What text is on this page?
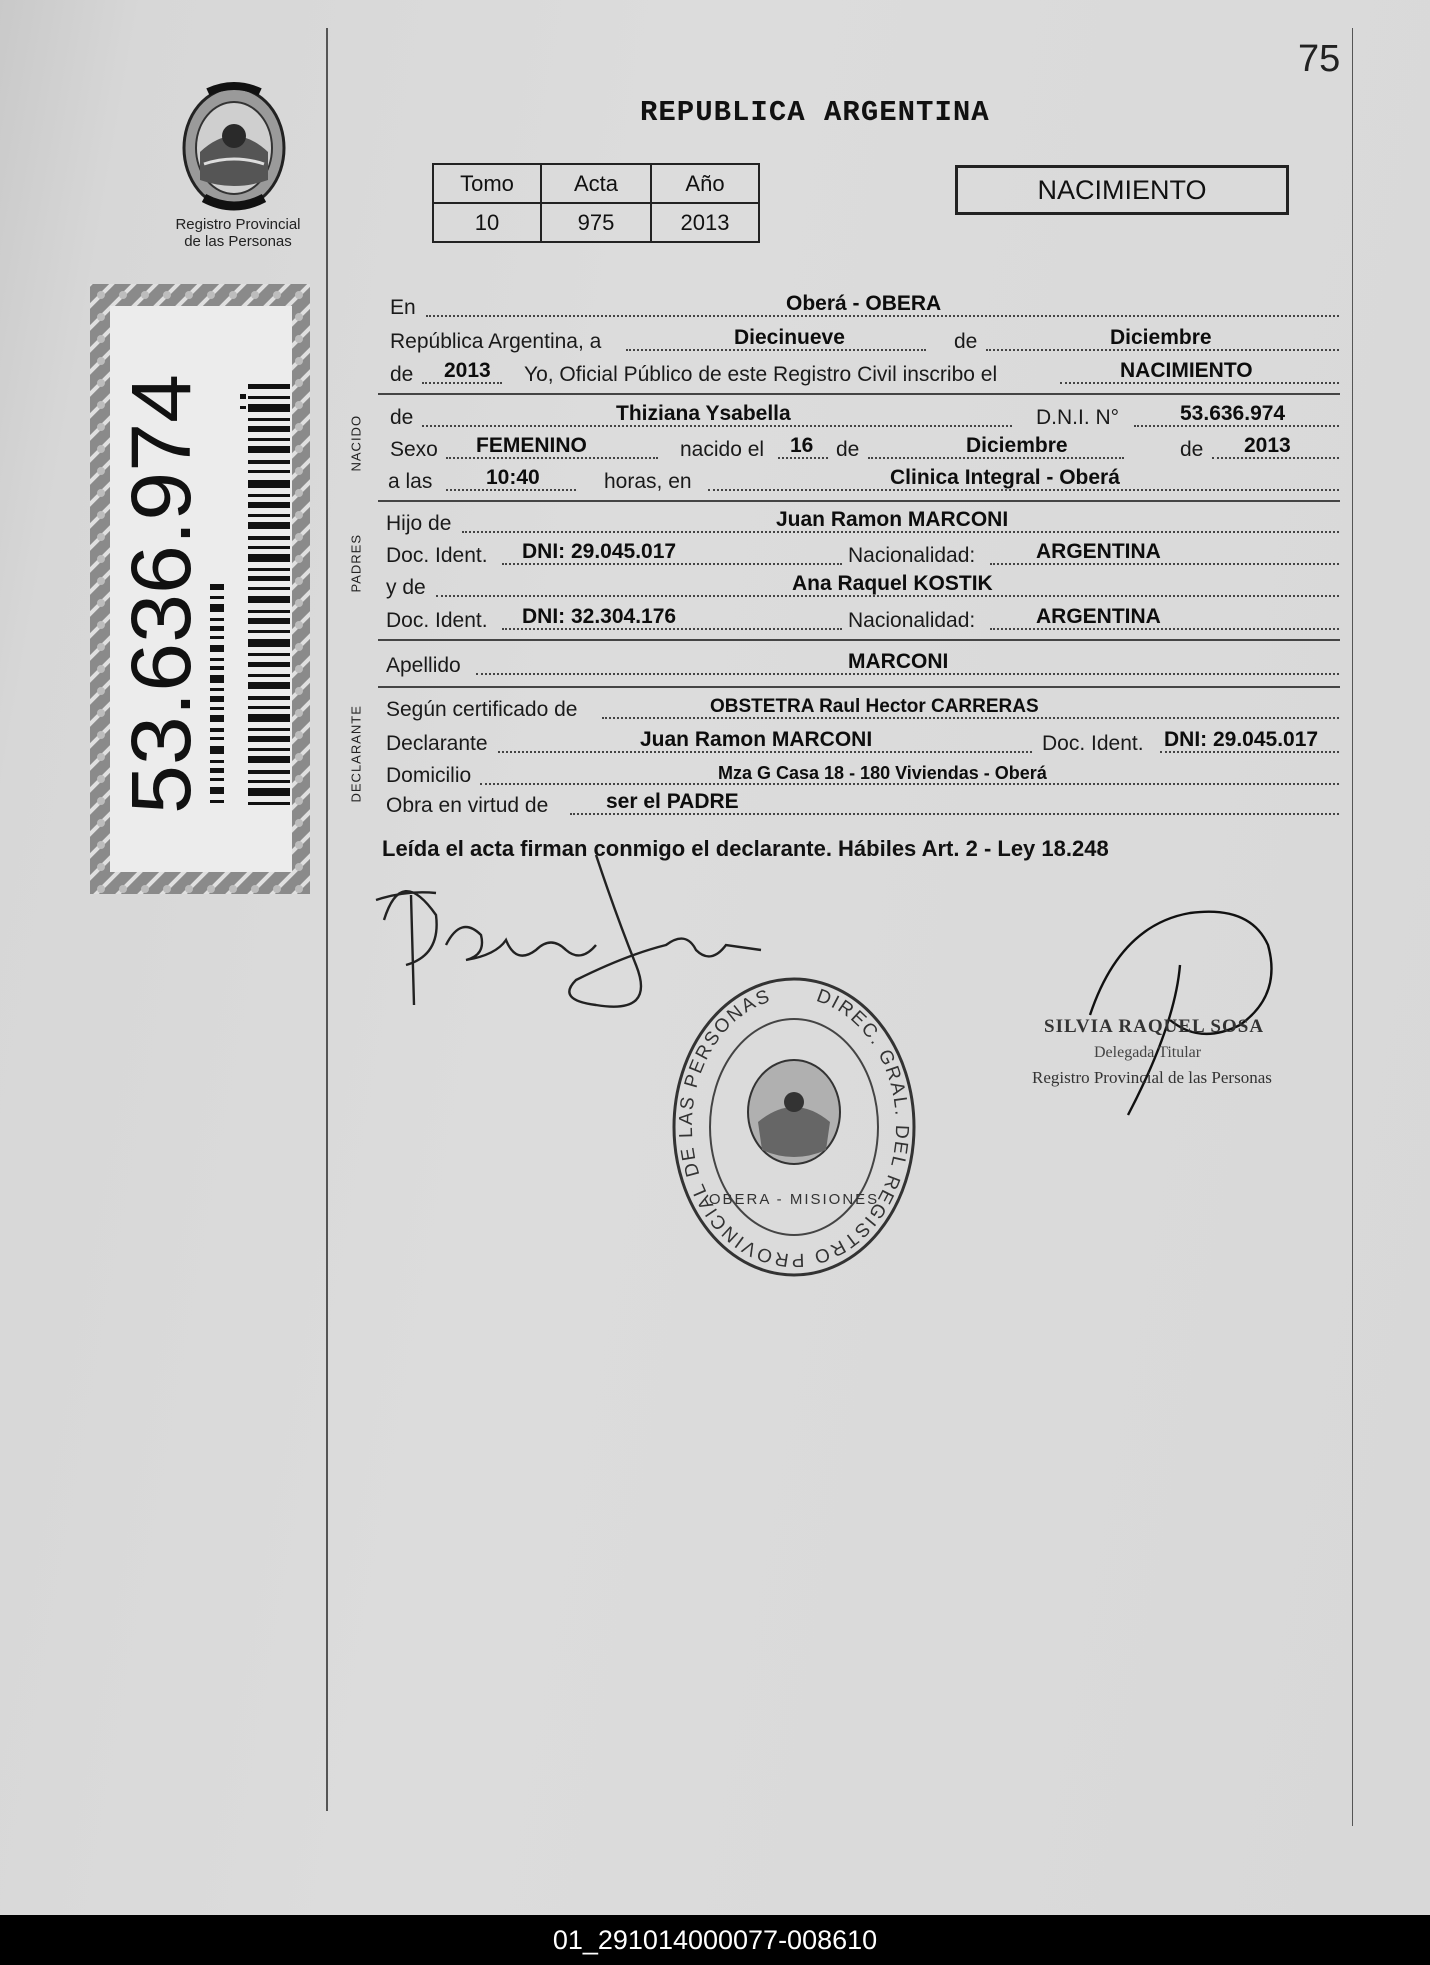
75
REPUBLICA ARGENTINA
Registro Provincial
de las Personas
Tomo	Acta	Año
10	975	2013
NACIMIENTO
53.636.974
En	Oberá - OBERA
República Argentina, a	Diecinueve	de	Diciembre
de 2013 Yo, Oficial Público de este Registro Civil inscribo el	NACIMIENTO
NACIDO de	Thiziana Ysabella	D.N.I. N°	53.636.974
Sexo FEMENINO	nacido el 16 de	Diciembre	de 2013
a las	10:40	horas, en	Clinica Integral - Oberá
PADRES
Hijo de	Juan Ramon MARCONI
Doc. Ident. DNI: 29.045.017	Nacionalidad:	ARGENTINA
y de	Ana Raquel KOSTIK
Doc. Ident. DNI: 32.304.176	Nacionalidad:	ARGENTINA
Apellido	MARCONI
DECLARANTE Según certificado de	OBSTETRA Raul Hector CARRERAS
Declarante	Juan Ramon MARCONI	Doc. Ident. DNI: 29.045.017
Domicilio	Mza G Casa 18 - 180 Viviendas - Oberá
Obra en virtud de	ser el PADRE
Leída el acta firman conmigo el declarante. Hábiles Art. 2 - Ley 18.248
DIREC. GRAL. DEL REGISTRO PROVINCIAL DE LAS PERSONAS
OBERA - MISIONES
SILVIA RAQUEL SOSA
Delegada Titular
Registro Provincial de las Personas
01_291014000077-008610
